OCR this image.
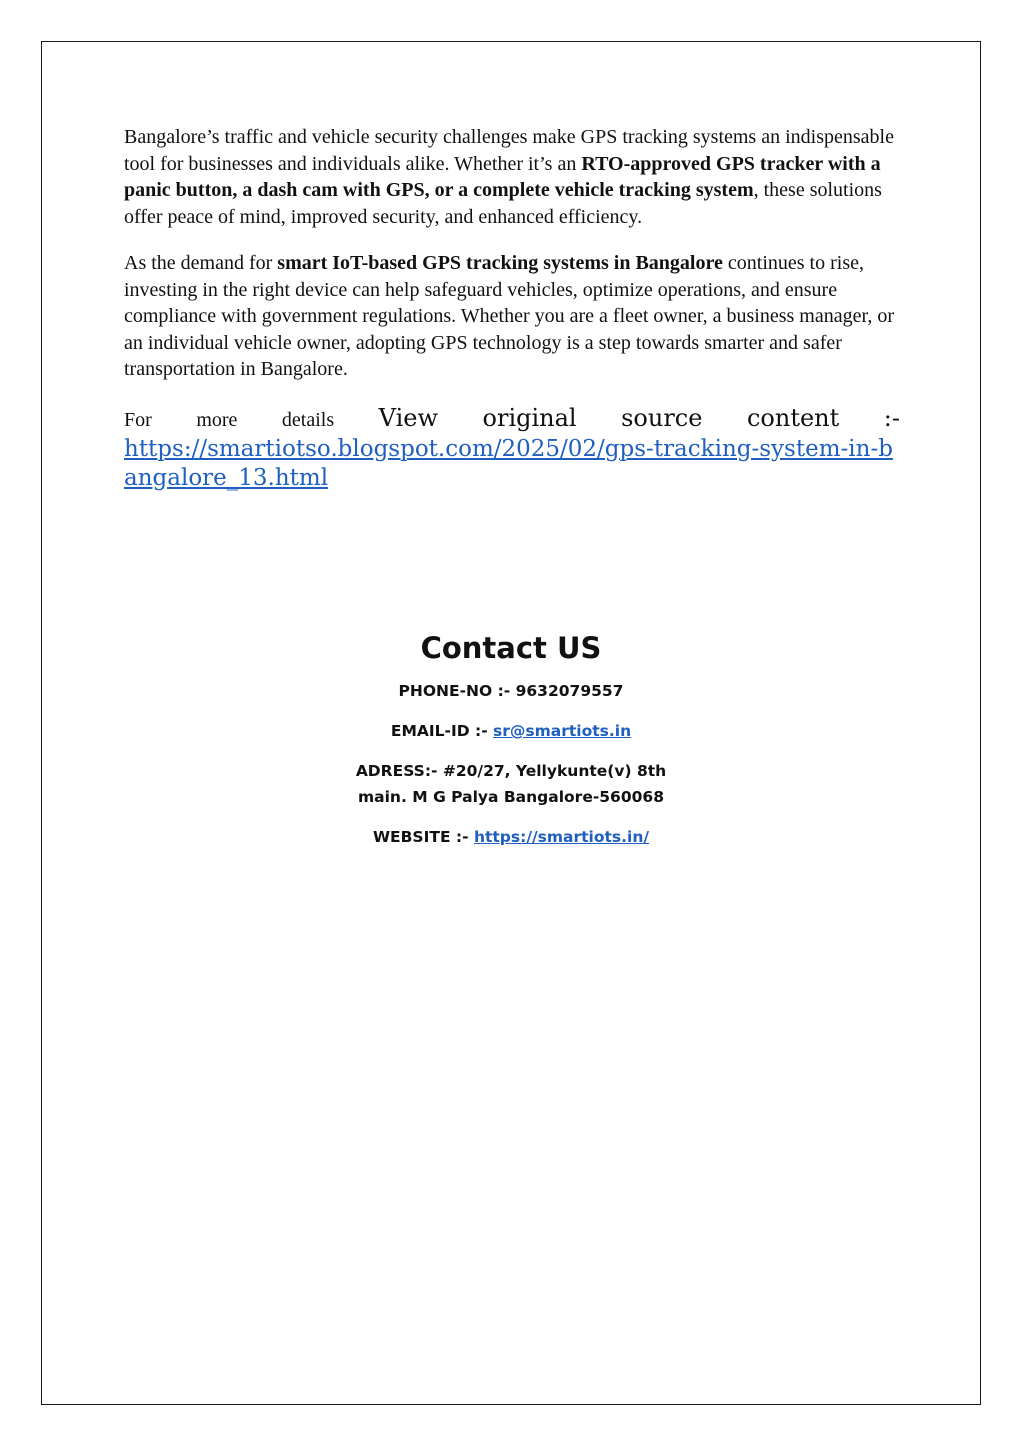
Bangalore’s traffic and vehicle security challenges make GPS tracking systems an indispensable tool for businesses and individuals alike. Whether it’s an RTO-approved GPS tracker with a panic button, a dash cam with GPS, or a complete vehicle tracking system, these solutions offer peace of mind, improved security, and enhanced efficiency.

As the demand for smart IoT-based GPS tracking systems in Bangalore continues to rise, investing in the right device can help safeguard vehicles, optimize operations, and ensure compliance with government regulations. Whether you are a fleet owner, a business manager, or an individual vehicle owner, adopting GPS technology is a step towards smarter and safer transportation in Bangalore.

For more details View original source content :-

https://smartiotso.blogspot.com/2025/02/gps-tracking-system-in-bangalore_13.html
Contact US
PHONE-NO :- 9632079557
EMAIL-ID :- sr@smartiots.in
ADRESS:- #20/27, Yellykunte(v) 8th main. M G Palya Bangalore-560068
WEBSITE :- https://smartiots.in/
